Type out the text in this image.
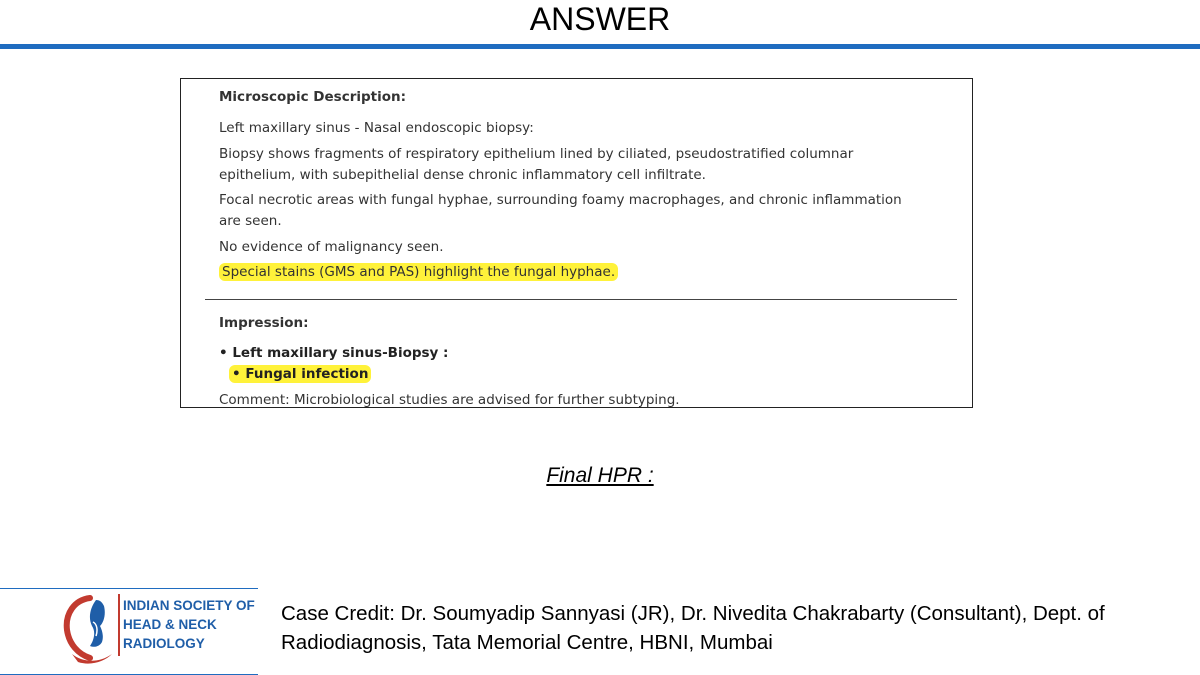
ANSWER
Microscopic Description:
Left maxillary sinus - Nasal endoscopic biopsy:
Biopsy shows fragments of respiratory epithelium lined by ciliated, pseudostratified columnar epithelium, with subepithelial dense chronic inflammatory cell infiltrate.
Focal necrotic areas with fungal hyphae, surrounding foamy macrophages, and chronic inflammation are seen.
No evidence of malignancy seen.
Special stains (GMS and PAS) highlight the fungal hyphae.
Impression:
• Left maxillary sinus-Biopsy :
• Fungal infection
Comment: Microbiological studies are advised for further subtyping.
Final HPR :
INDIAN SOCIETY OF
HEAD & NECK
RADIOLOGY
Case Credit: Dr. Soumyadip Sannyasi (JR), Dr. Nivedita Chakrabarty (Consultant), Dept. of Radiodiagnosis, Tata Memorial Centre, HBNI, Mumbai
